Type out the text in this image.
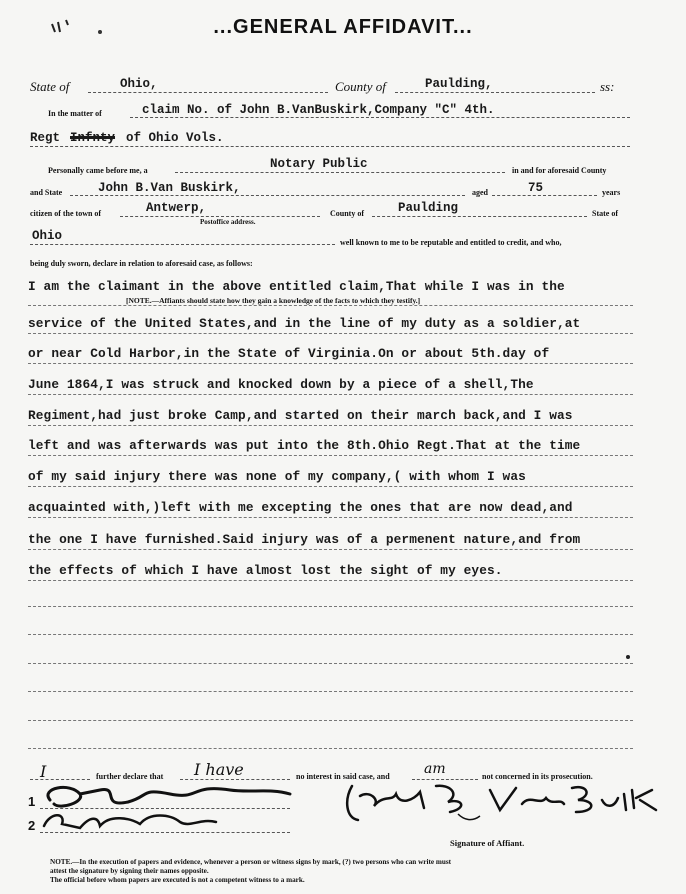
...GENERAL AFFIDAVIT...
State of	Ohio,	County of	Paulding,	ss:
In the matter of	claim No. of John B.VanBuskirk,Company "C" 4th.
Regt Infnty of Ohio Vols.
Personally came before me, a	Notary Public	in and for aforesaid County
and State	John B.Van Buskirk,	aged	75	years
citizen of the town of	Antwerp,
Postoffice address.
County of	Paulding	State of
Ohio	well known to me to be reputable and entitled to credit, and who,
being duly sworn, declare in relation to aforesaid case, as follows:
I am the claimant in the above entitled claim,That while I was in the
[NOTE.—Affiants should state how they gain a knowledge of the facts to which they testify.]
service of the United States,and in the line of my duty as a soldier,at
or near Cold Harbor,in the State of Virginia.On or about 5th.day of
June 1864,I was struck and knocked down by a piece of a shell,The
Regiment,had just broke Camp,and started on their march back,and I was
left and was afterwards was put into the 8th.Ohio Regt.That at the time
of my said injury there was none of my company,( with whom I was
acquainted with,)left with me excepting the ones that are now dead,and
the one I have furnished.Said injury was of a permenent nature,and from
the effects of which I have almost lost the sight of my eyes.
I	further declare that I have	no interest in said case, and am	not concerned in its prosecution.
1
2
Signature of Affiant.
NOTE.—In the execution of papers and evidence, whenever a person or witness signs by mark, (?) two persons who can write must
attest the signature by signing their names opposite.
The official before whom papers are executed is not a competent witness to a mark.
